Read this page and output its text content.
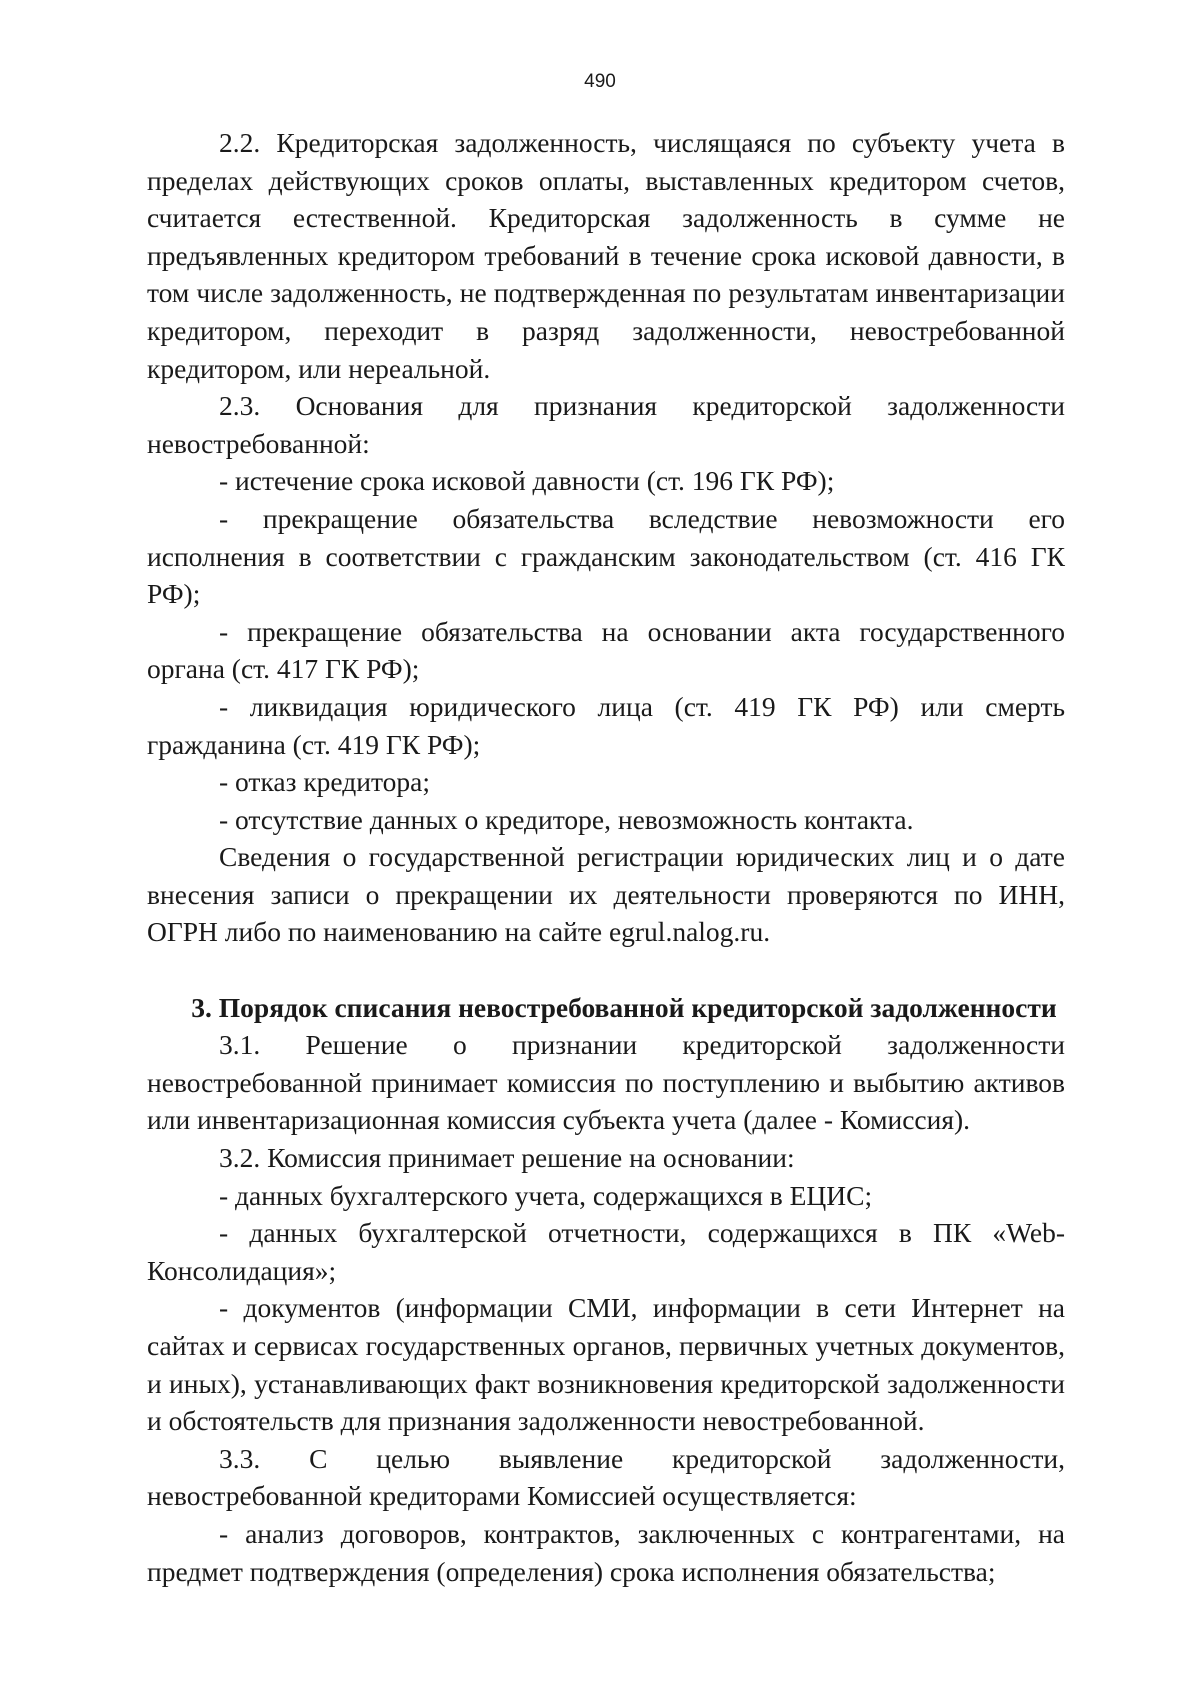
490

2.2. Кредиторская задолженность, числящаяся по субъекту учета в пределах действующих сроков оплаты, выставленных кредитором счетов, считается естественной. Кредиторская задолженность в сумме не предъявленных кредитором требований в течение срока исковой давности, в том числе задолженность, не подтвержденная по результатам инвентаризации кредитором, переходит в разряд задолженности, невостребованной кредитором, или нереальной.

2.3. Основания для признания кредиторской задолженности невостребованной:

- истечение срока исковой давности (ст. 196 ГК РФ);

- прекращение обязательства вследствие невозможности его исполнения в соответствии с гражданским законодательством (ст. 416 ГК РФ);

- прекращение обязательства на основании акта государственного органа (ст. 417 ГК РФ);

- ликвидация юридического лица (ст. 419 ГК РФ) или смерть гражданина (ст. 419 ГК РФ);

- отказ кредитора;

- отсутствие данных о кредиторе, невозможность контакта.

Сведения о государственной регистрации юридических лиц и о дате внесения записи о прекращении их деятельности проверяются по ИНН, ОГРН либо по наименованию на сайте egrul.nalog.ru.

3. Порядок списания невостребованной кредиторской задолженности

3.1. Решение о признании кредиторской задолженности невостребованной принимает комиссия по поступлению и выбытию активов или инвентаризационная комиссия субъекта учета (далее - Комиссия).

3.2. Комиссия принимает решение на основании:

- данных бухгалтерского учета, содержащихся в ЕЦИС;

- данных бухгалтерской отчетности, содержащихся в ПК «Web-Консолидация»;

- документов (информации СМИ, информации в сети Интернет на сайтах и сервисах государственных органов, первичных учетных документов, и иных), устанавливающих факт возникновения кредиторской задолженности и обстоятельств для признания задолженности невостребованной.

3.3. С целью выявление кредиторской задолженности, невостребованной кредиторами Комиссией осуществляется:

- анализ договоров, контрактов, заключенных с контрагентами, на предмет подтверждения (определения) срока исполнения обязательства;
